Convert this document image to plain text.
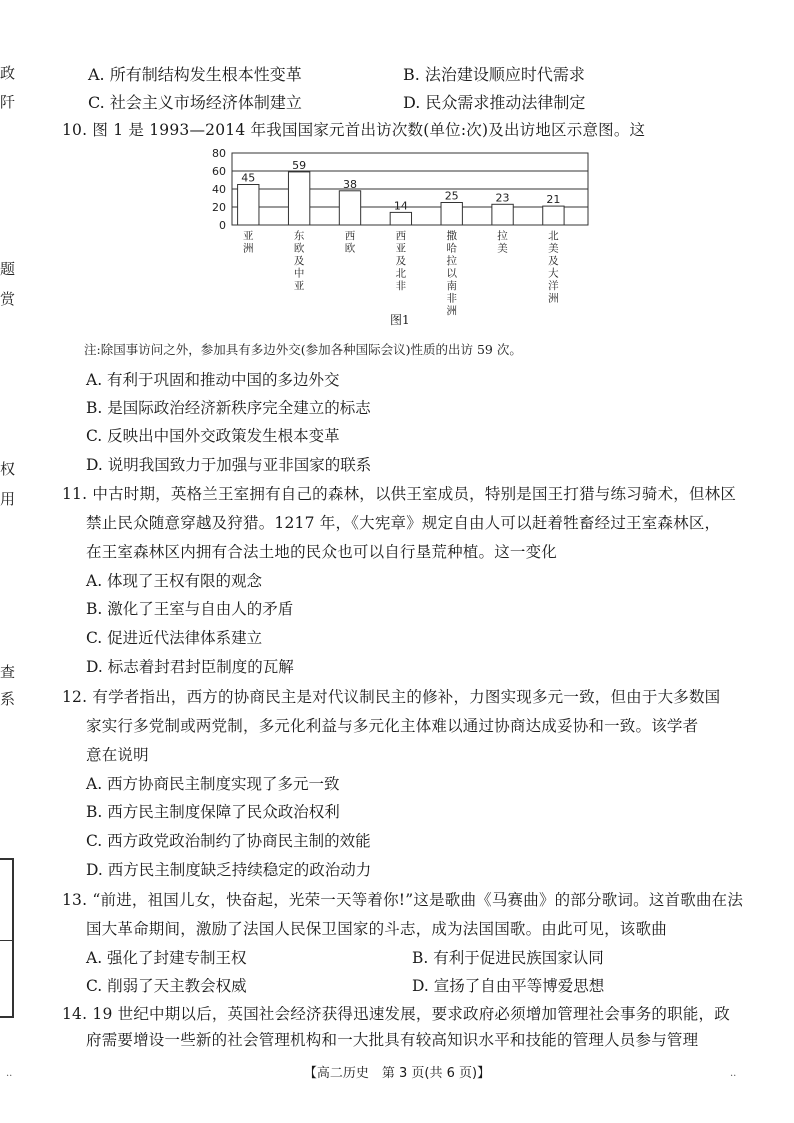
政
阡
题
赏
权
用
查
系
A. 所有制结构发生根本性变革	B. 法治建设顺应时代需求
C. 社会主义市场经济体制建立	D. 民众需求推动法律制定
10. 图 1 是 1993—2014 年我国国家元首出访次数(单位:次)及出访地区示意图。这
0
20
40
60
80
45
亚洲
59
东欧及中亚
38
西欧
14
西亚及北非
25
撒哈拉以南非洲
23
拉美
21
北美及大洋洲
图1
注:除国事访问之外，参加具有多边外交(参加各种国际会议)性质的出访 59 次。
A. 有利于巩固和推动中国的多边外交
B. 是国际政治经济新秩序完全建立的标志
C. 反映出中国外交政策发生根本变革
D. 说明我国致力于加强与亚非国家的联系
11. 中古时期，英格兰王室拥有自己的森林，以供王室成员，特别是国王打猎与练习骑术，但林区
禁止民众随意穿越及狩猎。1217 年，《大宪章》规定自由人可以赶着牲畜经过王室森林区，
在王室森林区内拥有合法土地的民众也可以自行垦荒种植。这一变化
A. 体现了王权有限的观念
B. 激化了王室与自由人的矛盾
C. 促进近代法律体系建立
D. 标志着封君封臣制度的瓦解
12. 有学者指出，西方的协商民主是对代议制民主的修补，力图实现多元一致，但由于大多数国
家实行多党制或两党制，多元化利益与多元化主体难以通过协商达成妥协和一致。该学者
意在说明
A. 西方协商民主制度实现了多元一致
B. 西方民主制度保障了民众政治权利
C. 西方政党政治制约了协商民主制的效能
D. 西方民主制度缺乏持续稳定的政治动力
13. “前进，祖国儿女，快奋起，光荣一天等着你!”这是歌曲《马赛曲》的部分歌词。这首歌曲在法
国大革命期间，激励了法国人民保卫国家的斗志，成为法国国歌。由此可见，该歌曲
A. 强化了封建专制王权	B. 有利于促进民族国家认同
C. 削弱了天主教会权威	D. 宣扬了自由平等博爱思想
14. 19 世纪中期以后，英国社会经济获得迅速发展，要求政府必须增加管理社会事务的职能，政
府需要增设一些新的社会管理机构和一大批具有较高知识水平和技能的管理人员参与管理
【高二历史　第 3 页(共 6 页)】
..	..
